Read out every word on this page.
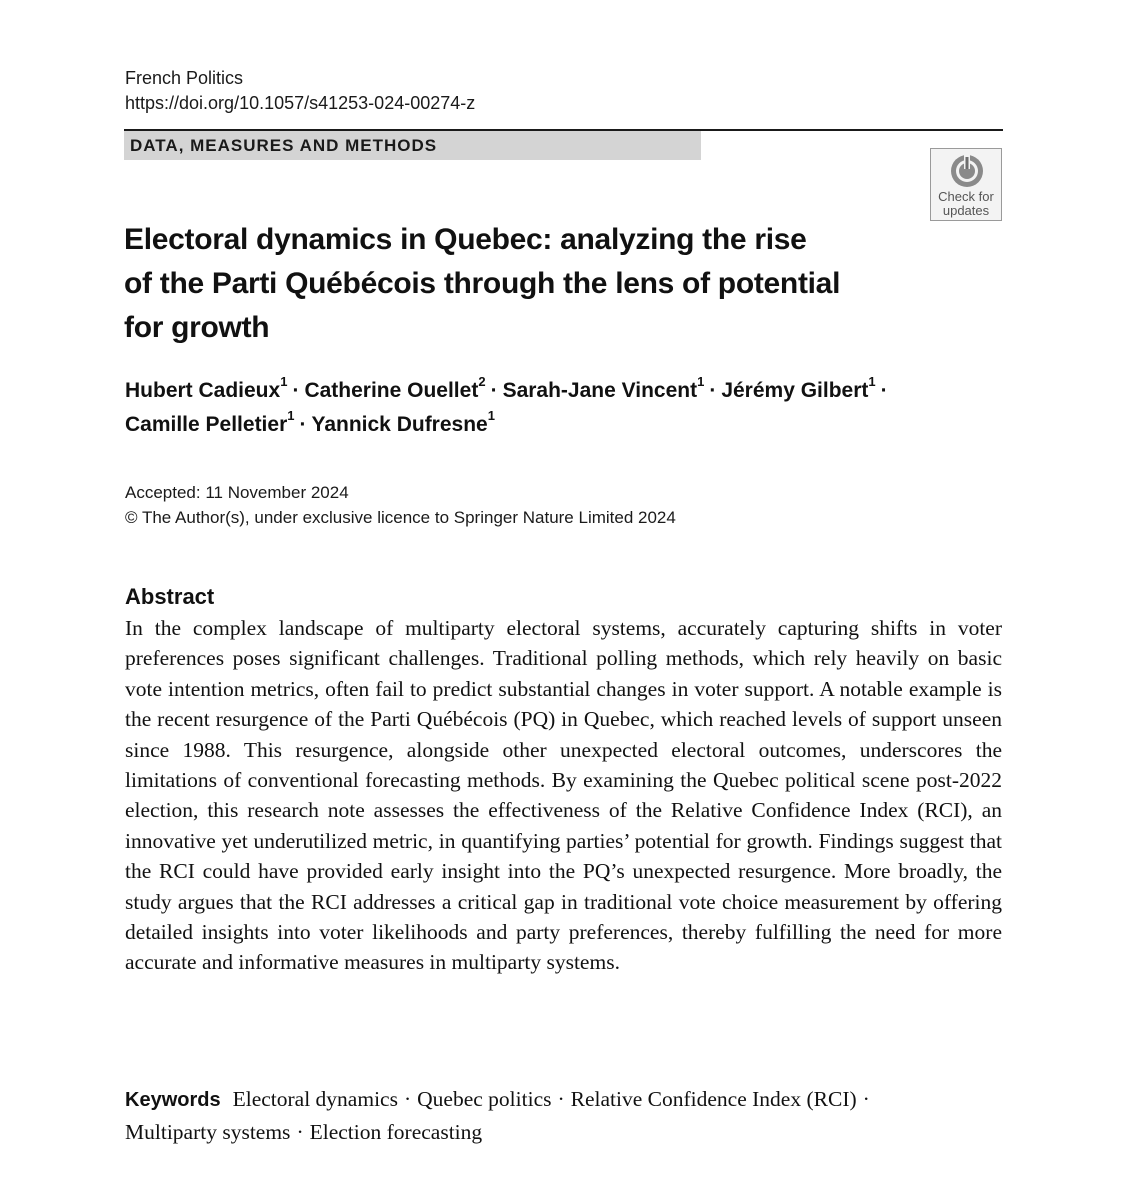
French Politics
https://doi.org/10.1057/s41253-024-00274-z
DATA, MEASURES AND METHODS
Check for
updates
Electoral dynamics in Quebec: analyzing the rise
of the Parti Québécois through the lens of potential
for growth
Hubert Cadieux$^1$ · Catherine Ouellet$^2$ · Sarah-Jane Vincent$^1$ · Jérémy Gilbert$^1$ ·
Camille Pelletier$^1$ · Yannick Dufresne$^1$
Accepted: 11 November 2024
© The Author(s), under exclusive licence to Springer Nature Limited 2024
Abstract

In the complex landscape of multiparty electoral systems, accurately capturing shifts in voter preferences poses significant challenges. Traditional polling methods, which rely heavily on basic vote intention metrics, often fail to predict substantial changes in voter support. A notable example is the recent resurgence of the Parti Québécois (PQ) in Quebec, which reached levels of support unseen since 1988. This resurgence, alongside other unexpected electoral outcomes, underscores the limitations of conventional forecasting methods. By examining the Quebec political scene post-2022 election, this research note assesses the effectiveness of the Relative Confidence Index (RCI), an innovative yet underutilized metric, in quantifying parties’ potential for growth. Findings suggest that the RCI could have provided early insight into the PQ’s unexpected resurgence. More broadly, the study argues that the RCI addresses a critical gap in traditional vote choice measurement by offering detailed insights into voter likelihoods and party preferences, thereby fulfilling the need for more accurate and informative measures in multiparty systems.

Keywords Electoral dynamics · Quebec politics · Relative Confidence Index (RCI) ·
Multiparty systems · Election forecasting
